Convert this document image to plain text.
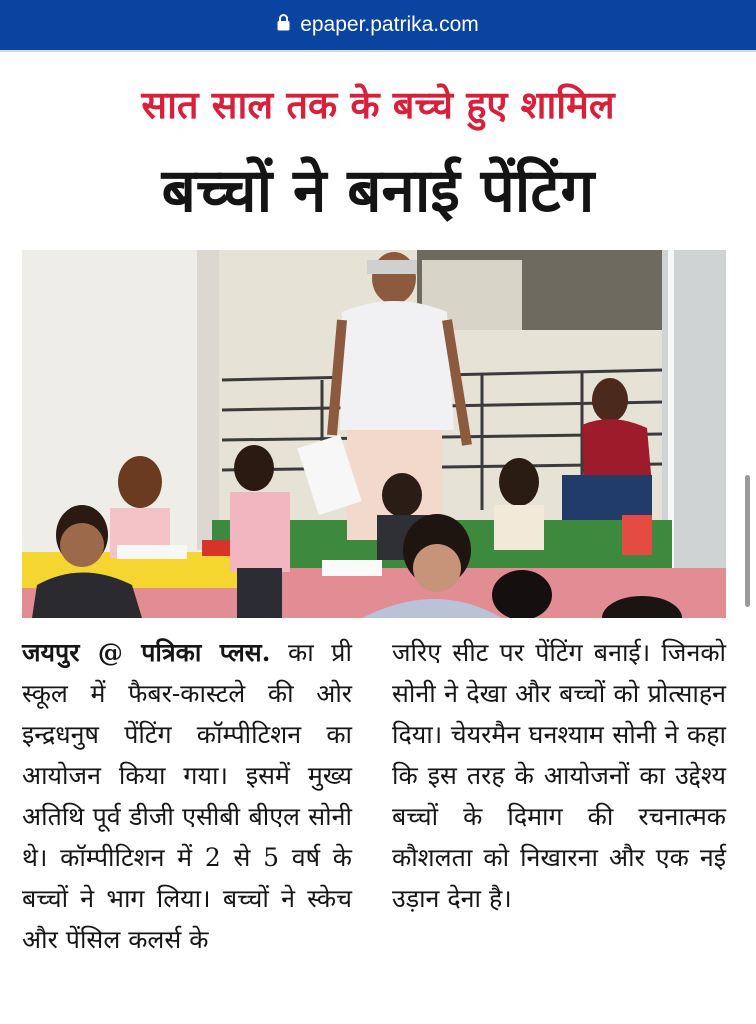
epaper.patrika.com
सात साल तक के बच्चे हुए शामिल
बच्चों ने बनाई पेंटिंग
जयपुर @ पत्रिका प्लस. का प्री स्कूल में फैबर-कास्टले की ओर इन्द्रधनुष पेंटिंग कॉम्पीटिशन का आयोजन किया गया। इसमें मुख्य अतिथि पूर्व डीजी एसीबी बीएल सोनी थे। कॉम्पीटिशन में 2 से 5 वर्ष के बच्चों ने भाग लिया। बच्चों ने स्केच और पेंसिल कलर्स के
जरिए सीट पर पेंटिंग बनाई। जिनको सोनी ने देखा और बच्चों को प्रोत्साहन दिया। चेयरमैन घनश्याम सोनी ने कहा कि इस तरह के आयोजनों का उद्देश्य बच्चों के दिमाग की रचनात्मक कौशलता को निखारना और एक नई उड़ान देना है।
